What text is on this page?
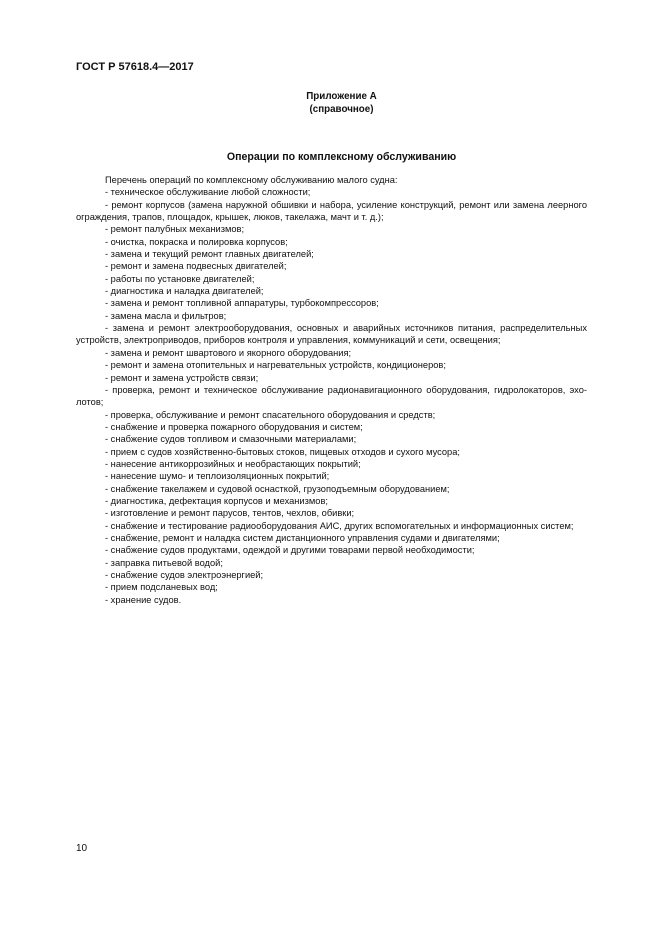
ГОСТ Р 57618.4—2017

Приложение А
(справочное)

Операции по комплексному обслуживанию

Перечень операций по комплексному обслуживанию малого судна:

- техническое обслуживание любой сложности;

- ремонт корпусов (замена наружной обшивки и набора, усиление конструкций, ремонт или замена леерного ограждения, трапов, площадок, крышек, люков, такелажа, мачт и т. д.);

- ремонт палубных механизмов;

- очистка, покраска и полировка корпусов;

- замена и текущий ремонт главных двигателей;

- ремонт и замена подвесных двигателей;

- работы по установке двигателей;

- диагностика и наладка двигателей;

- замена и ремонт топливной аппаратуры, турбокомпрессоров;

- замена масла и фильтров;

- замена и ремонт электрооборудования, основных и аварийных источников питания, распределительных устройств, электроприводов, приборов контроля и управления, коммуникаций и сети, освещения;

- замена и ремонт швартового и якорного оборудования;

- ремонт и замена отопительных и нагревательных устройств, кондиционеров;

- ремонт и замена устройств связи;

- проверка, ремонт и техническое обслуживание радионавигационного оборудования, гидролокаторов, эхолотов;

- проверка, обслуживание и ремонт спасательного оборудования и средств;

- снабжение и проверка пожарного оборудования и систем;

- снабжение судов топливом и смазочными материалами;

- прием с судов хозяйственно-бытовых стоков, пищевых отходов и сухого мусора;

- нанесение антикоррозийных и необрастающих покрытий;

- нанесение шумо- и теплоизоляционных покрытий;

- снабжение такелажем и судовой оснасткой, грузоподъемным оборудованием;

- диагностика, дефектация корпусов и механизмов;

- изготовление и ремонт парусов, тентов, чехлов, обивки;

- снабжение и тестирование радиооборудования АИС, других вспомогательных и информационных систем;

- снабжение, ремонт и наладка систем дистанционного управления судами и двигателями;

- снабжение судов продуктами, одеждой и другими товарами первой необходимости;

- заправка питьевой водой;

- снабжение судов электроэнергией;

- прием подсланевых вод;

- хранение судов.

10
